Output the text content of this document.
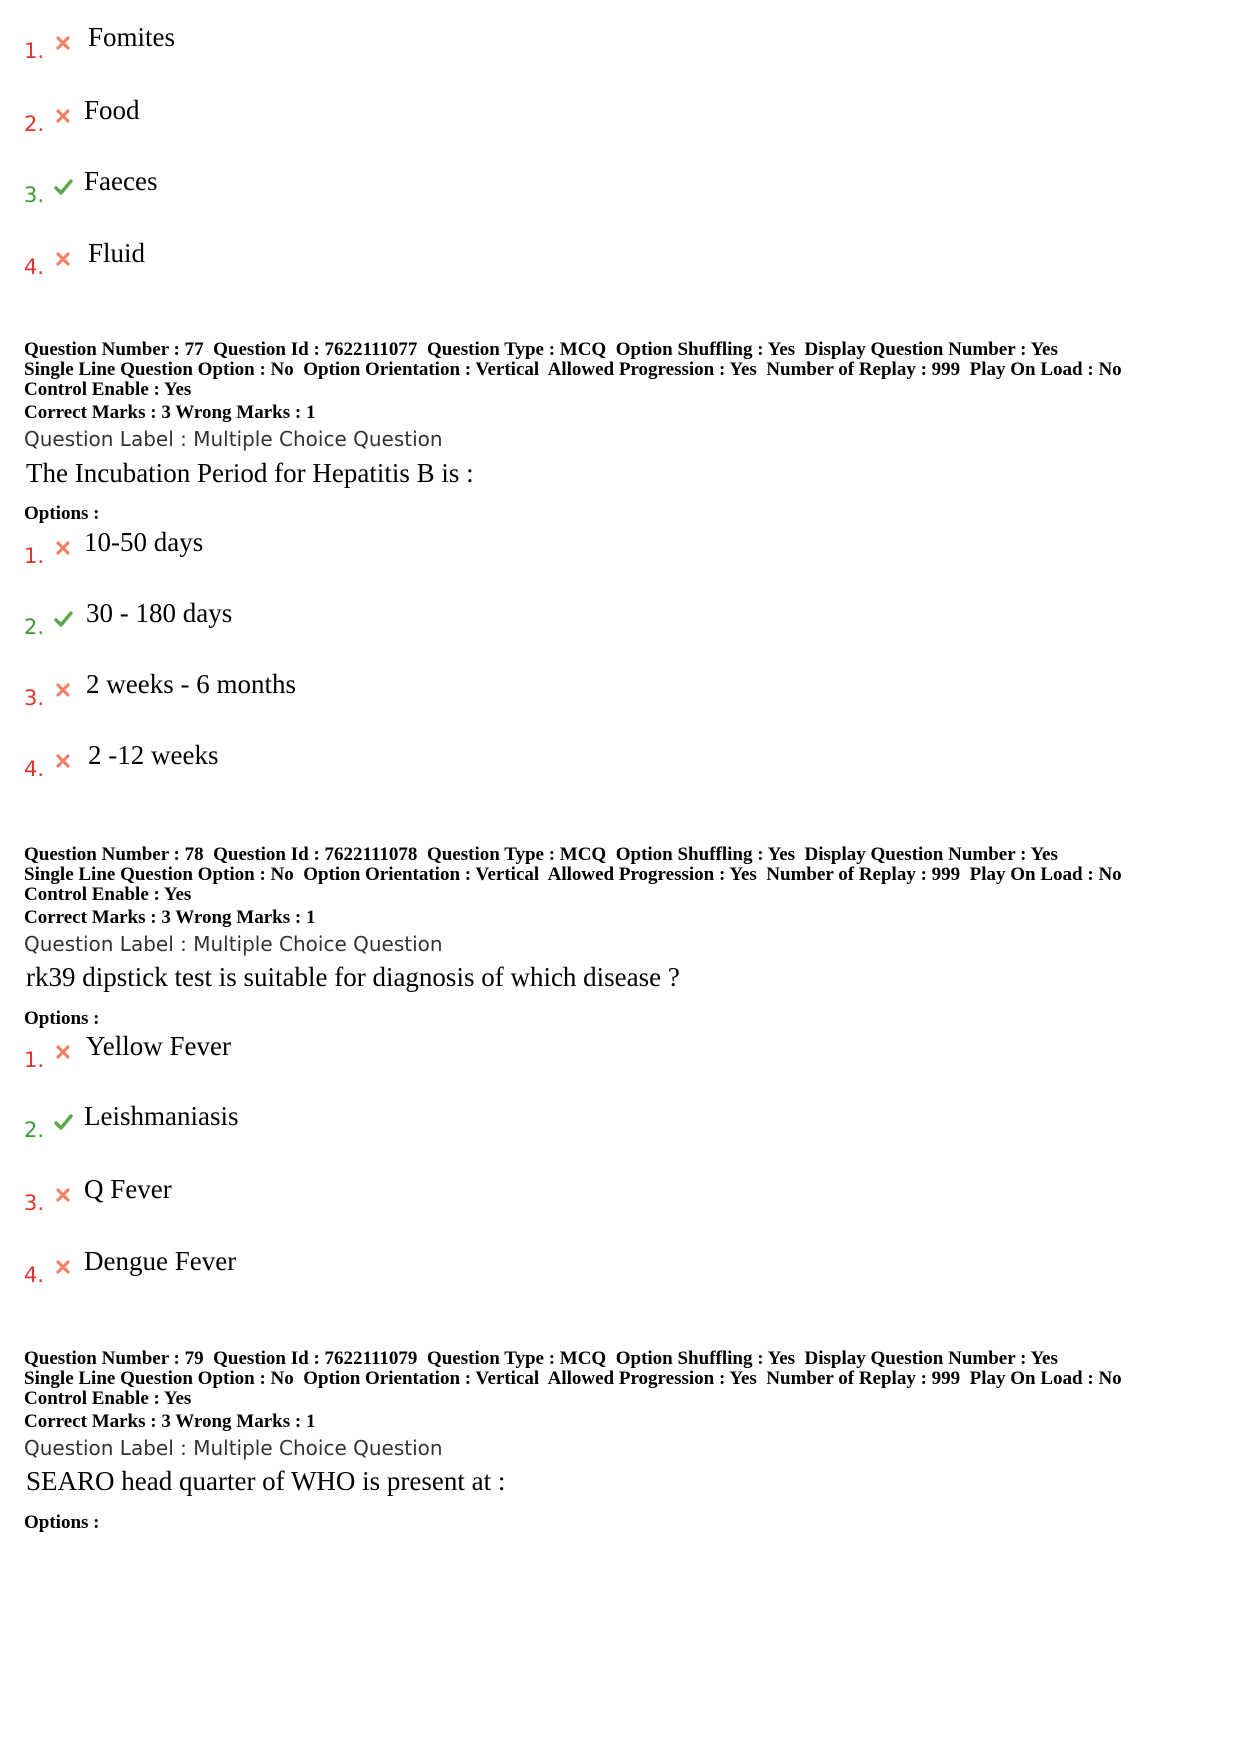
1. Fomites
2. Food
3. Faeces
4. Fluid
Question Number : 77 Question Id : 7622111077 Question Type : MCQ Option Shuffling : Yes Display Question Number : Yes Single Line Question Option : No Option Orientation : Vertical Allowed Progression : Yes Number of Replay : 999 Play On Load : No  Control Enable : Yes
Correct Marks : 3 Wrong Marks : 1
Question Label : Multiple Choice Question
The Incubation Period for Hepatitis B is :
Options :
1. 10-50 days
2. 30 - 180 days
3. 2 weeks - 6 months
4. 2 -12 weeks
Question Number : 78 Question Id : 7622111078 Question Type : MCQ Option Shuffling : Yes Display Question Number : Yes Single Line Question Option : No Option Orientation : Vertical Allowed Progression : Yes Number of Replay : 999 Play On Load : No  Control Enable : Yes
Correct Marks : 3 Wrong Marks : 1
Question Label : Multiple Choice Question
rk39 dipstick test is suitable for diagnosis of which disease ?
Options :
1. Yellow Fever
2. Leishmaniasis
3. Q Fever
4. Dengue Fever
Question Number : 79 Question Id : 7622111079 Question Type : MCQ Option Shuffling : Yes Display Question Number : Yes Single Line Question Option : No Option Orientation : Vertical Allowed Progression : Yes Number of Replay : 999 Play On Load : No  Control Enable : Yes
Correct Marks : 3 Wrong Marks : 1
Question Label : Multiple Choice Question
SEARO head quarter of WHO is present at :
Options :
